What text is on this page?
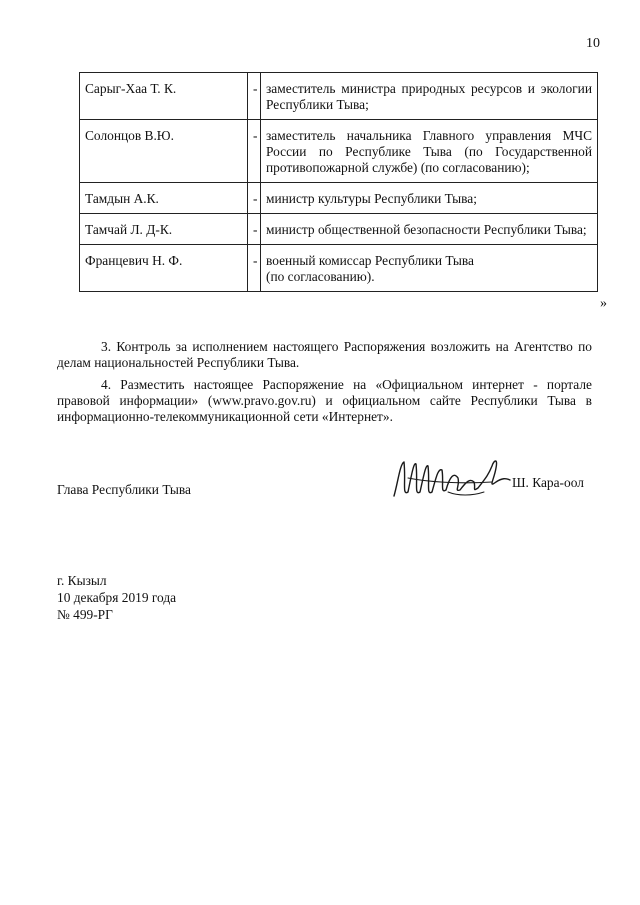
10
Сарыг-Хаа Т. К.	-	заместитель министра природных ресурсов и экологии Республики Тыва;
Солонцов В.Ю.	-	заместитель начальника Главного управления МЧС России по Республике Тыва (по Государственной противопожарной службе) (по согласованию);
Тамдын А.К.	-	министр культуры Республики Тыва;
Тамчай Л. Д-К.	-	министр общественной безопасности Республики Тыва;
Францевич Н. Ф.	-	военный комиссар Республики Тыва
(по согласованию).
»

3. Контроль за исполнением настоящего Распоряжения возложить на Агентство по делам национальностей Республики Тыва.

4. Разместить настоящее Распоряжение на «Официальном интернет - портале правовой информации» (www.pravo.gov.ru) и официальном сайте Республики Тыва в информационно-телекоммуникационной сети «Интернет».

Глава Республики Тыва	Ш. Кара-оол
г. Кызыл
10 декабря 2019 года
№ 499-РГ
